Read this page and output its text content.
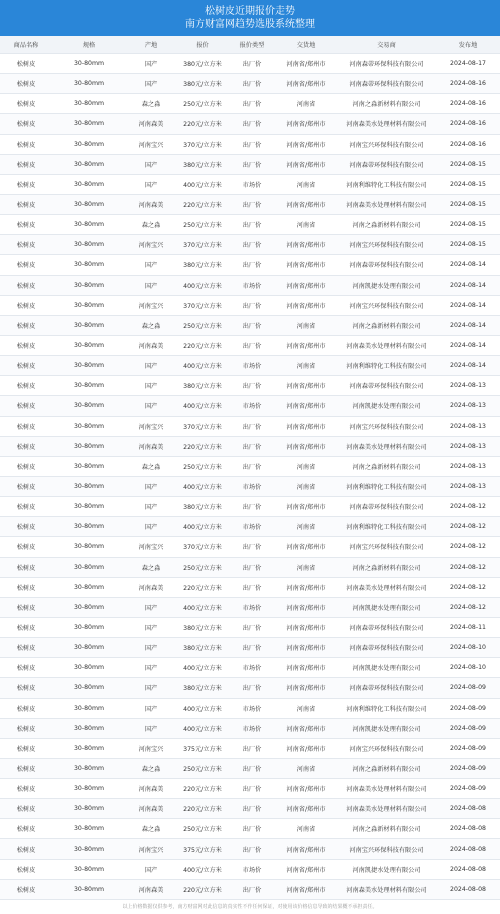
松树皮近期报价走势
南方财富网趋势选股系统整理
商品名称	规格	产地	报价	报价类型	交货地	交易商	发布地
松树皮	30-80mm	国产	380元/立方米	出厂价	河南省/郑州市	河南森蒂环保科技有限公司	2024-08-17
松树皮	30-80mm	国产	380元/立方米	出厂价	河南省/郑州市	河南森蒂环保科技有限公司	2024-08-16
松树皮	30-80mm	森之淼	250元/立方米	出厂价	河南省	河南之淼新材料有限公司	2024-08-16
松树皮	30-80mm	河南森美	220元/立方米	出厂价	河南省/郑州市	河南森美水处理材料有限公司	2024-08-16
松树皮	30-80mm	河南宝兴	370元/立方米	出厂价	河南省/郑州市	河南宝兴环保科技有限公司	2024-08-16
松树皮	30-80mm	国产	380元/立方米	出厂价	河南省/郑州市	河南森蒂环保科技有限公司	2024-08-15
松树皮	30-80mm	国产	400元/立方米	市场价	河南省	河南利维特化工科技有限公司	2024-08-15
松树皮	30-80mm	河南森美	220元/立方米	出厂价	河南省/郑州市	河南森美水处理材料有限公司	2024-08-15
松树皮	30-80mm	森之淼	250元/立方米	出厂价	河南省	河南之淼新材料有限公司	2024-08-15
松树皮	30-80mm	河南宝兴	370元/立方米	出厂价	河南省/郑州市	河南宝兴环保科技有限公司	2024-08-15
松树皮	30-80mm	国产	380元/立方米	出厂价	河南省/郑州市	河南森蒂环保科技有限公司	2024-08-14
松树皮	30-80mm	国产	400元/立方米	市场价	河南省/郑州市	河南凯捷水处理有限公司	2024-08-14
松树皮	30-80mm	河南宝兴	370元/立方米	出厂价	河南省/郑州市	河南宝兴环保科技有限公司	2024-08-14
松树皮	30-80mm	森之淼	250元/立方米	出厂价	河南省	河南之淼新材料有限公司	2024-08-14
松树皮	30-80mm	河南森美	220元/立方米	出厂价	河南省/郑州市	河南森美水处理材料有限公司	2024-08-14
松树皮	30-80mm	国产	400元/立方米	市场价	河南省	河南利维特化工科技有限公司	2024-08-14
松树皮	30-80mm	国产	380元/立方米	出厂价	河南省/郑州市	河南森蒂环保科技有限公司	2024-08-13
松树皮	30-80mm	国产	400元/立方米	市场价	河南省/郑州市	河南凯捷水处理有限公司	2024-08-13
松树皮	30-80mm	河南宝兴	370元/立方米	出厂价	河南省/郑州市	河南宝兴环保科技有限公司	2024-08-13
松树皮	30-80mm	河南森美	220元/立方米	出厂价	河南省/郑州市	河南森美水处理材料有限公司	2024-08-13
松树皮	30-80mm	森之淼	250元/立方米	出厂价	河南省	河南之淼新材料有限公司	2024-08-13
松树皮	30-80mm	国产	400元/立方米	市场价	河南省	河南利维特化工科技有限公司	2024-08-13
松树皮	30-80mm	国产	380元/立方米	出厂价	河南省/郑州市	河南森蒂环保科技有限公司	2024-08-12
松树皮	30-80mm	国产	400元/立方米	市场价	河南省	河南利维特化工科技有限公司	2024-08-12
松树皮	30-80mm	河南宝兴	370元/立方米	出厂价	河南省/郑州市	河南宝兴环保科技有限公司	2024-08-12
松树皮	30-80mm	森之淼	250元/立方米	出厂价	河南省	河南之淼新材料有限公司	2024-08-12
松树皮	30-80mm	河南森美	220元/立方米	出厂价	河南省/郑州市	河南森美水处理材料有限公司	2024-08-12
松树皮	30-80mm	国产	400元/立方米	市场价	河南省/郑州市	河南凯捷水处理有限公司	2024-08-12
松树皮	30-80mm	国产	380元/立方米	出厂价	河南省/郑州市	河南森蒂环保科技有限公司	2024-08-11
松树皮	30-80mm	国产	380元/立方米	出厂价	河南省/郑州市	河南森蒂环保科技有限公司	2024-08-10
松树皮	30-80mm	国产	400元/立方米	市场价	河南省/郑州市	河南凯捷水处理有限公司	2024-08-10
松树皮	30-80mm	国产	380元/立方米	出厂价	河南省/郑州市	河南森蒂环保科技有限公司	2024-08-09
松树皮	30-80mm	国产	400元/立方米	市场价	河南省	河南利维特化工科技有限公司	2024-08-09
松树皮	30-80mm	国产	400元/立方米	市场价	河南省/郑州市	河南凯捷水处理有限公司	2024-08-09
松树皮	30-80mm	河南宝兴	375元/立方米	出厂价	河南省/郑州市	河南宝兴环保科技有限公司	2024-08-09
松树皮	30-80mm	森之淼	250元/立方米	出厂价	河南省	河南之淼新材料有限公司	2024-08-09
松树皮	30-80mm	河南森美	220元/立方米	出厂价	河南省/郑州市	河南森美水处理材料有限公司	2024-08-09
松树皮	30-80mm	河南森美	220元/立方米	出厂价	河南省/郑州市	河南森美水处理材料有限公司	2024-08-08
松树皮	30-80mm	森之淼	250元/立方米	出厂价	河南省	河南之淼新材料有限公司	2024-08-08
松树皮	30-80mm	河南宝兴	375元/立方米	出厂价	河南省/郑州市	河南宝兴环保科技有限公司	2024-08-08
松树皮	30-80mm	国产	400元/立方米	市场价	河南省/郑州市	河南凯捷水处理有限公司	2024-08-08
松树皮	30-80mm	河南森美	220元/立方米	出厂价	河南省/郑州市	河南森美水处理材料有限公司	2024-08-08
以上价格数据仅供参考，南方财富网对此信息的真实性不作任何保证，对使用该价格信息导致的结果概不承担责任。
